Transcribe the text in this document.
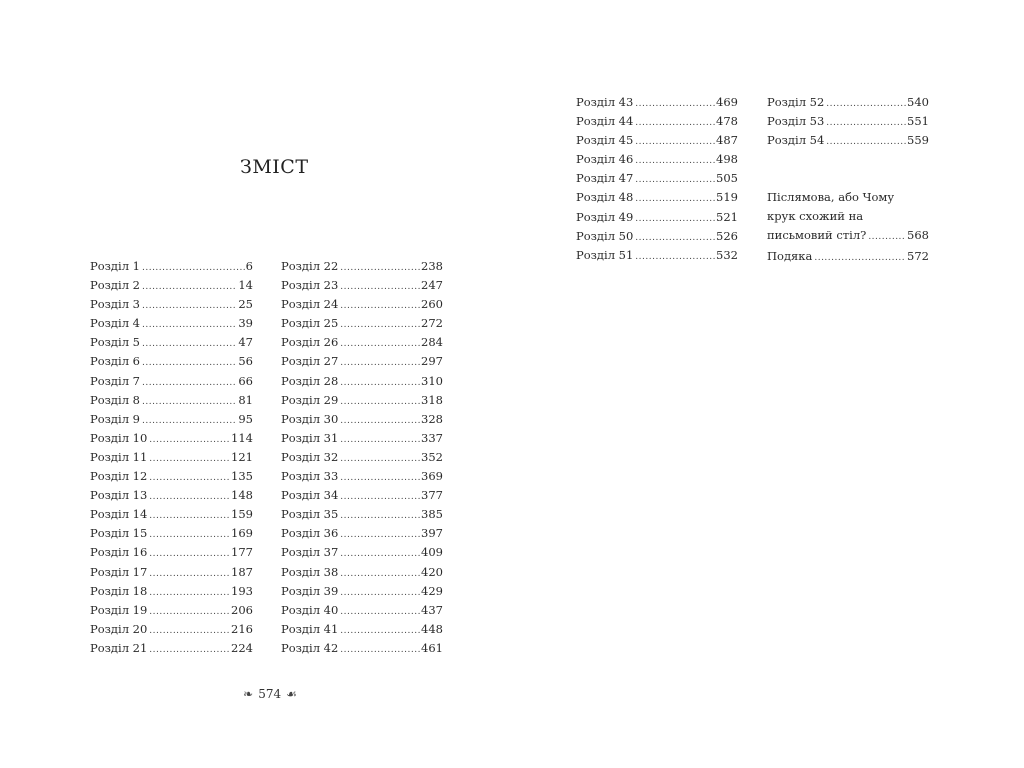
ЗМІСТ
Розділ 1 .....	6
Розділ 2 .....	14
Розділ 3 .....	25
Розділ 4 .....	39
Розділ 5 .....	47
Розділ 6 .....	56
Розділ 7 .....	66
Розділ 8 .....	81
Розділ 9 .....	95
Розділ 10 .....	114
Розділ 11 .....	121
Розділ 12 .....	135
Розділ 13 .....	148
Розділ 14 .....	159
Розділ 15 .....	169
Розділ 16 .....	177
Розділ 17 .....	187
Розділ 18 .....	193
Розділ 19 .....	206
Розділ 20 .....	216
Розділ 21 .....	224
Розділ 22 .....	238
Розділ 23 .....	247
Розділ 24 .....	260
Розділ 25 .....	272
Розділ 26 .....	284
Розділ 27 .....	297
Розділ 28 .....	310
Розділ 29 .....	318
Розділ 30 .....	328
Розділ 31 .....	337
Розділ 32 .....	352
Розділ 33 .....	369
Розділ 34 .....	377
Розділ 35 .....	385
Розділ 36 .....	397
Розділ 37 .....	409
Розділ 38 .....	420
Розділ 39 .....	429
Розділ 40 .....	437
Розділ 41 .....	448
Розділ 42 .....	461
❧ 574 ☙
Розділ 43 .....	469
Розділ 44 .....	478
Розділ 45 .....	487
Розділ 46 .....	498
Розділ 47 .....	505
Розділ 48 .....	519
Розділ 49 .....	521
Розділ 50 .....	526
Розділ 51 .....	532
Розділ 52 .....	540
Розділ 53 .....	551
Розділ 54 .....	559
Післямова, або Чому
крук схожий на
письмовий стіл? .....	568
Подяка .....	572
